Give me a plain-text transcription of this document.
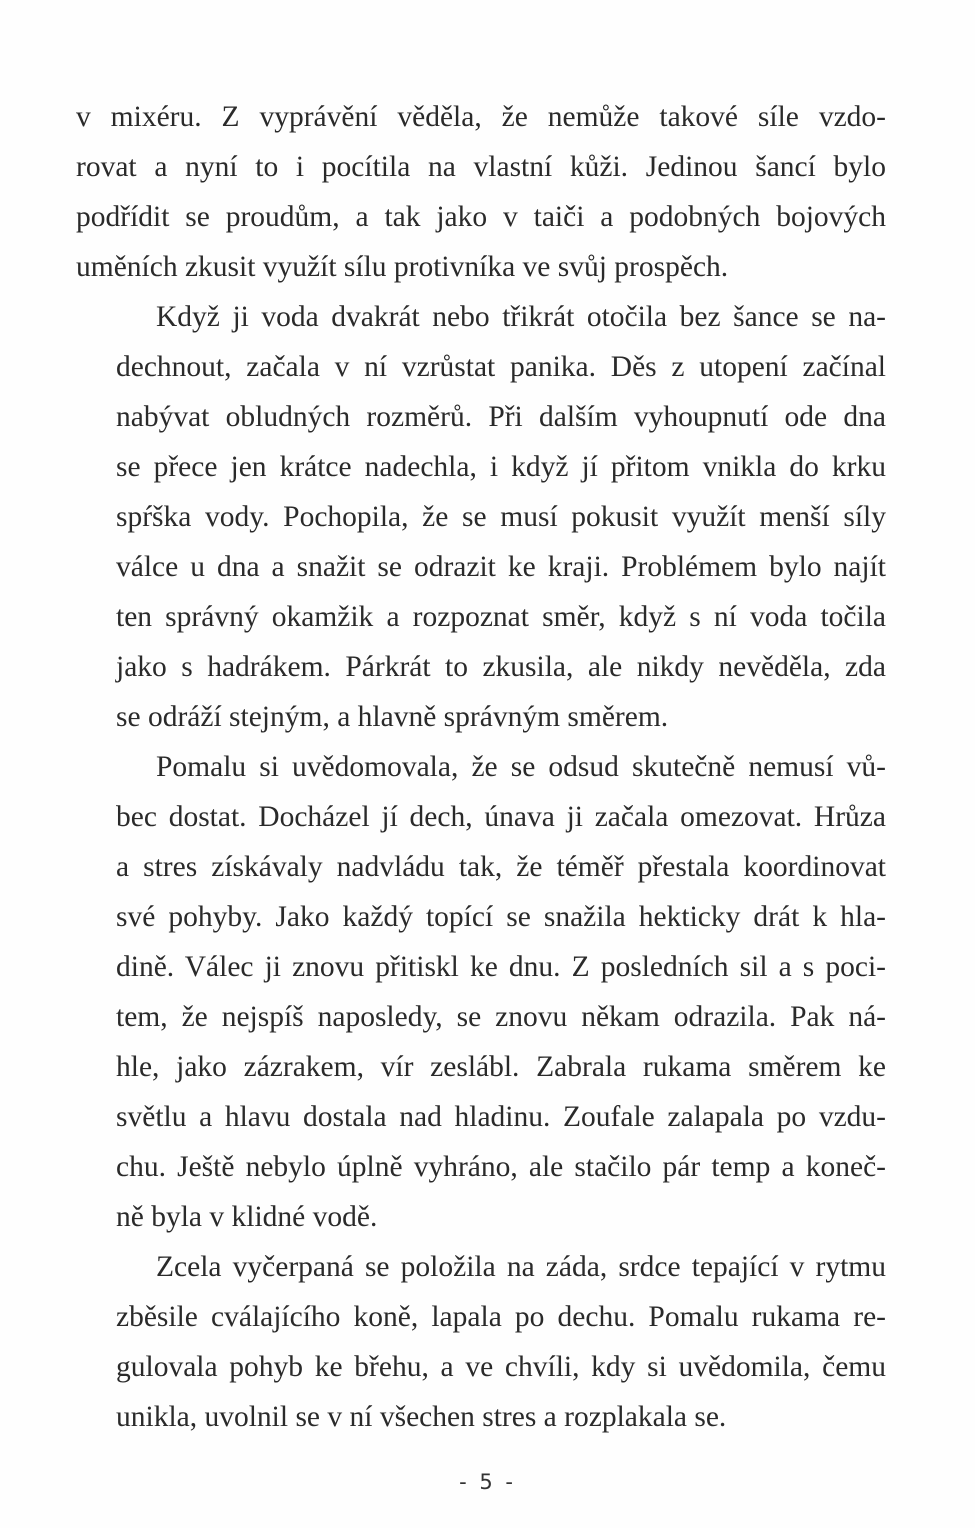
v mixéru. Z vyprávění věděla, že nemůže takové síle vzdo-
rovat a nyní to i pocítila na vlastní kůži. Jedinou šancí bylo
podřídit se proudům, a tak jako v taiči a podobných bojových
uměních zkusit využít sílu protivníka ve svůj prospěch.
Když ji voda dvakrát nebo třikrát otočila bez šance se na-
dechnout, začala v ní vzrůstat panika. Děs z utopení začínal
nabývat obludných rozměrů. Při dalším vyhoupnutí ode dna
se přece jen krátce nadechla, i když jí přitom vnikla do krku
spŕška vody. Pochopila, že se musí pokusit využít menší síly
válce u dna a snažit se odrazit ke kraji. Problémem bylo najít
ten správný okamžik a rozpoznat směr, když s ní voda točila
jako s hadrákem. Párkrát to zkusila, ale nikdy nevěděla, zda
se odráží stejným, a hlavně správným směrem.
Pomalu si uvědomovala, že se odsud skutečně nemusí vů-
bec dostat. Docházel jí dech, únava ji začala omezovat. Hrůza
a stres získávaly nadvládu tak, že téměř přestala koordinovat
své pohyby. Jako každý topící se snažila hekticky drát k hla-
dině. Válec ji znovu přitiskl ke dnu. Z posledních sil a s poci-
tem, že nejspíš naposledy, se znovu někam odrazila. Pak ná-
hle, jako zázrakem, vír zeslábl. Zabrala rukama směrem ke
světlu a hlavu dostala nad hladinu. Zoufale zalapala po vzdu-
chu. Ještě nebylo úplně vyhráno, ale stačilo pár temp a koneč-
ně byla v klidné vodě.
Zcela vyčerpaná se položila na záda, srdce tepající v rytmu
zběsile cválajícího koně, lapala po dechu. Pomalu rukama re-
gulovala pohyb ke břehu, a ve chvíli, kdy si uvědomila, čemu
unikla, uvolnil se v ní všechen stres a rozplakala se.
- 5 -
